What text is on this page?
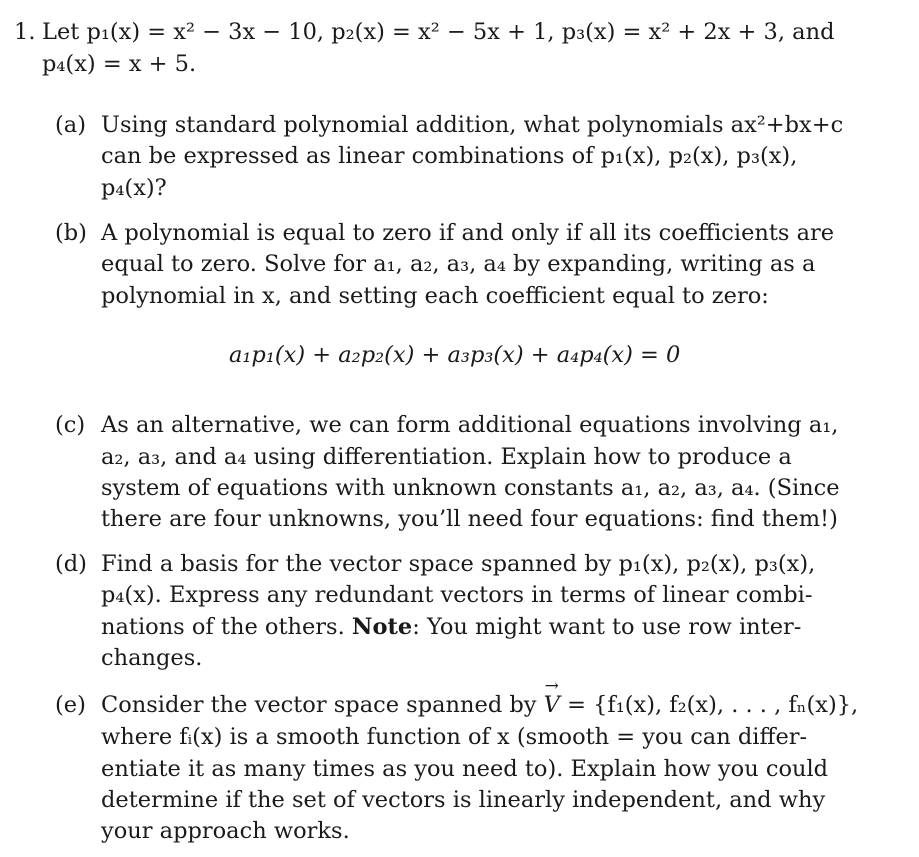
1. Let p₁(x) = x² − 3x − 10, p₂(x) = x² − 5x + 1, p₃(x) = x² + 2x + 3, and
p₄(x) = x + 5.
(a) Using standard polynomial addition, what polynomials ax²+bx+c
can be expressed as linear combinations of p₁(x), p₂(x), p₃(x),
p₄(x)?
(b) A polynomial is equal to zero if and only if all its coefficients are
equal to zero. Solve for a₁, a₂, a₃, a₄ by expanding, writing as a
polynomial in x, and setting each coefficient equal to zero:
a₁p₁(x) + a₂p₂(x) + a₃p₃(x) + a₄p₄(x) = 0
(c) As an alternative, we can form additional equations involving a₁,
a₂, a₃, and a₄ using differentiation. Explain how to produce a
system of equations with unknown constants a₁, a₂, a₃, a₄. (Since
there are four unknowns, you’ll need four equations: find them!)
(d) Find a basis for the vector space spanned by p₁(x), p₂(x), p₃(x),
p₄(x). Express any redundant vectors in terms of linear combi-
nations of the others. Note: You might want to use row inter-
changes.
(e) Consider the vector space spanned by → V = {f₁(x), f₂(x), . . . , fₙ(x)},
where fᵢ(x) is a smooth function of x (smooth = you can differ-
entiate it as many times as you need to). Explain how you could
determine if the set of vectors is linearly independent, and why
your approach works.
